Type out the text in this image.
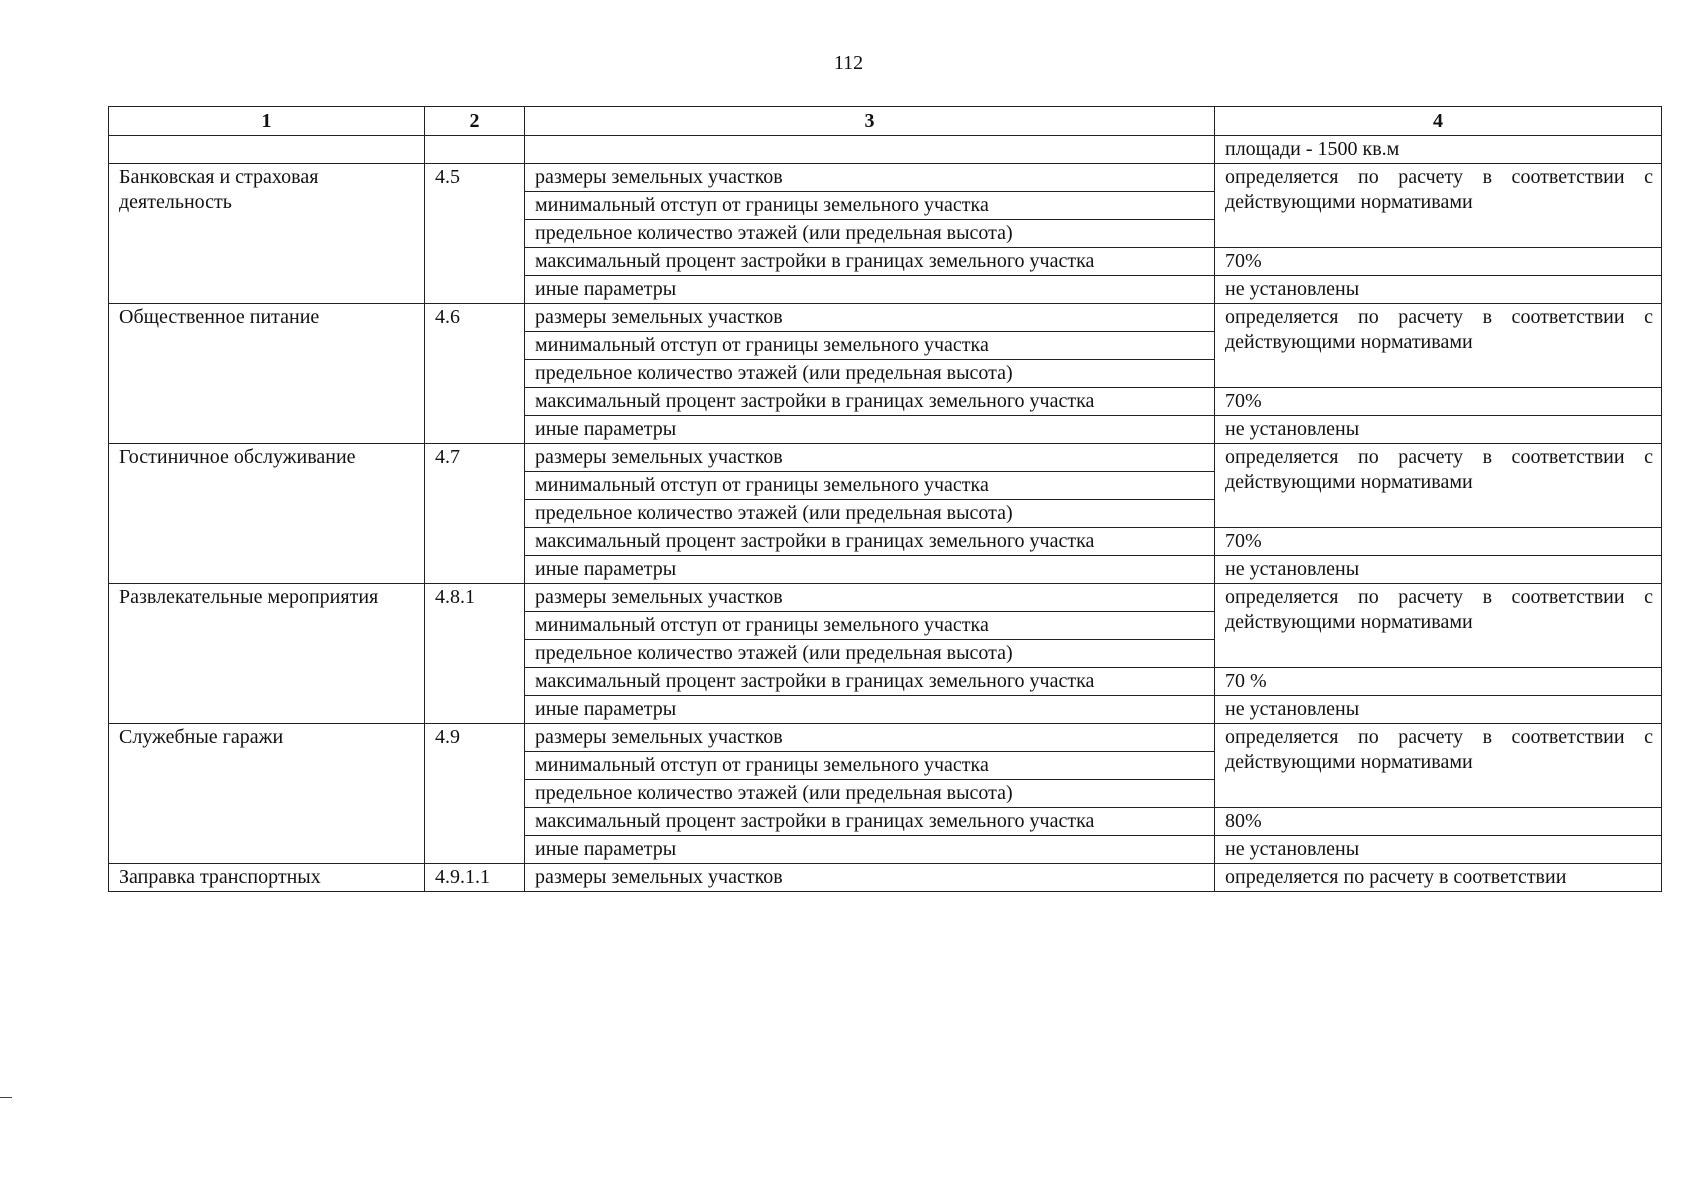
112
1	2	3	4
			площади - 1500 кв.м
Банковская и страховая деятельность	4.5	размеры земельных участков	определяется по расчету в соответствии с действующими нормативами
		минимальный отступ от границы земельного участка	
		предельное количество этажей (или предельная высота)	
		максимальный процент застройки в границах земельного участка	70%
		иные параметры	не установлены
Общественное питание	4.6	размеры земельных участков	определяется по расчету в соответствии с действующими нормативами
		минимальный отступ от границы земельного участка	
		предельное количество этажей (или предельная высота)	
		максимальный процент застройки в границах земельного участка	70%
		иные параметры	не установлены
Гостиничное обслуживание	4.7	размеры земельных участков	определяется по расчету в соответствии с действующими нормативами
		минимальный отступ от границы земельного участка	
		предельное количество этажей (или предельная высота)	
		максимальный процент застройки в границах земельного участка	70%
		иные параметры	не установлены
Развлекательные мероприятия	4.8.1	размеры земельных участков	определяется по расчету в соответствии с действующими нормативами
		минимальный отступ от границы земельного участка	
		предельное количество этажей (или предельная высота)	
		максимальный процент застройки в границах земельного участка	70 %
		иные параметры	не установлены
Служебные гаражи	4.9	размеры земельных участков	определяется по расчету в соответствии с действующими нормативами
		минимальный отступ от границы земельного участка	
		предельное количество этажей (или предельная высота)	
		максимальный процент застройки в границах земельного участка	80%
		иные параметры	не установлены
Заправка транспортных	4.9.1.1	размеры земельных участков	определяется по расчету в соответствии
